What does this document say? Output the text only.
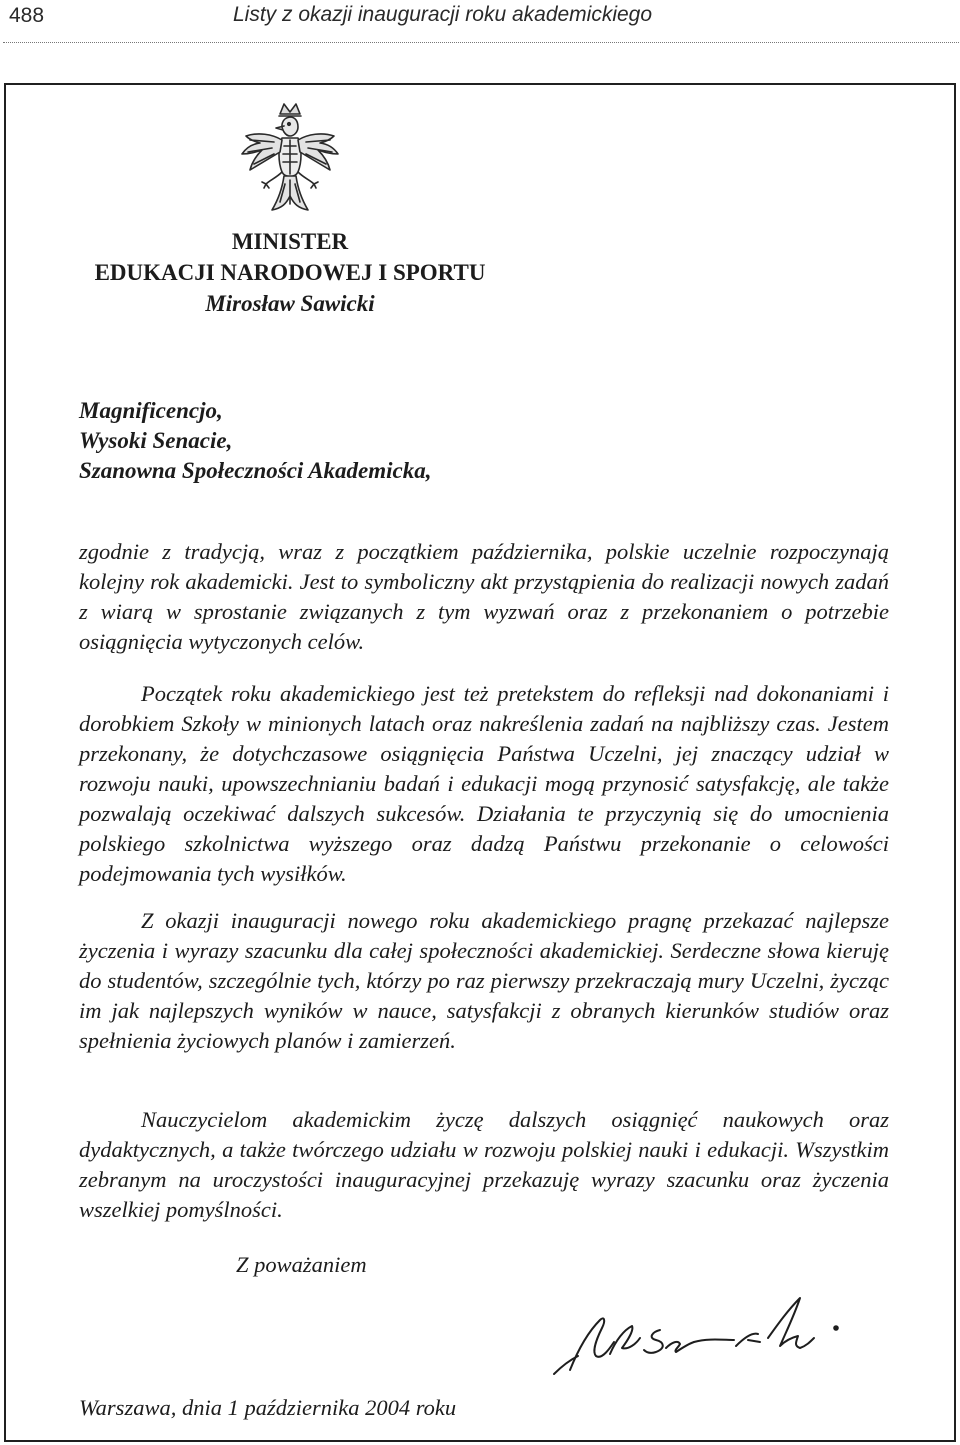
488	Listy z okazji inauguracji roku akademickiego
MINISTER
EDUKACJI NARODOWEJ I SPORTU
Mirosław Sawicki
Magnificencjo,
Wysoki Senacie,
Szanowna Społeczności Akademicka,

zgodnie z tradycją, wraz z początkiem października, polskie uczelnie rozpoczynają kolejny rok akademicki. Jest to symboliczny akt przystąpienia do realizacji nowych zadań z wiarą w sprostanie związanych z tym wyzwań oraz z przekonaniem o potrzebie osiągnięcia wytyczonych celów.

Początek roku akademickiego jest też pretekstem do refleksji nad dokonaniami i dorobkiem Szkoły w minionych latach oraz nakreślenia zadań na najbliższy czas. Jestem przekonany, że dotychczasowe osiągnięcia Państwa Uczelni, jej znaczący udział w rozwoju nauki, upowszechnianiu badań i edukacji mogą przynosić satysfakcję, ale także pozwalają oczekiwać dalszych sukcesów. Działania te przyczynią się do umocnienia polskiego szkolnictwa wyższego oraz dadzą Państwu przekonanie o celowości podejmowania tych wysiłków.

Z okazji inauguracji nowego roku akademickiego pragnę przekazać najlepsze życzenia i wyrazy szacunku dla całej społeczności akademickiej. Serdeczne słowa kieruję do studentów, szczególnie tych, którzy po raz pierwszy przekraczają mury Uczelni, życząc im jak najlepszych wyników w nauce, satysfakcji z obranych kierunków studiów oraz spełnienia życiowych planów i zamierzeń.

Nauczycielom akademickim życzę dalszych osiągnięć naukowych oraz dydaktycznych, a także twórczego udziału w rozwoju polskiej nauki i edukacji. Wszystkim zebranym na uroczystości inauguracyjnej przekazuję wyrazy szacunku oraz życzenia wszelkiej pomyślności.

Z poważaniem
Warszawa, dnia 1 października 2004 roku
